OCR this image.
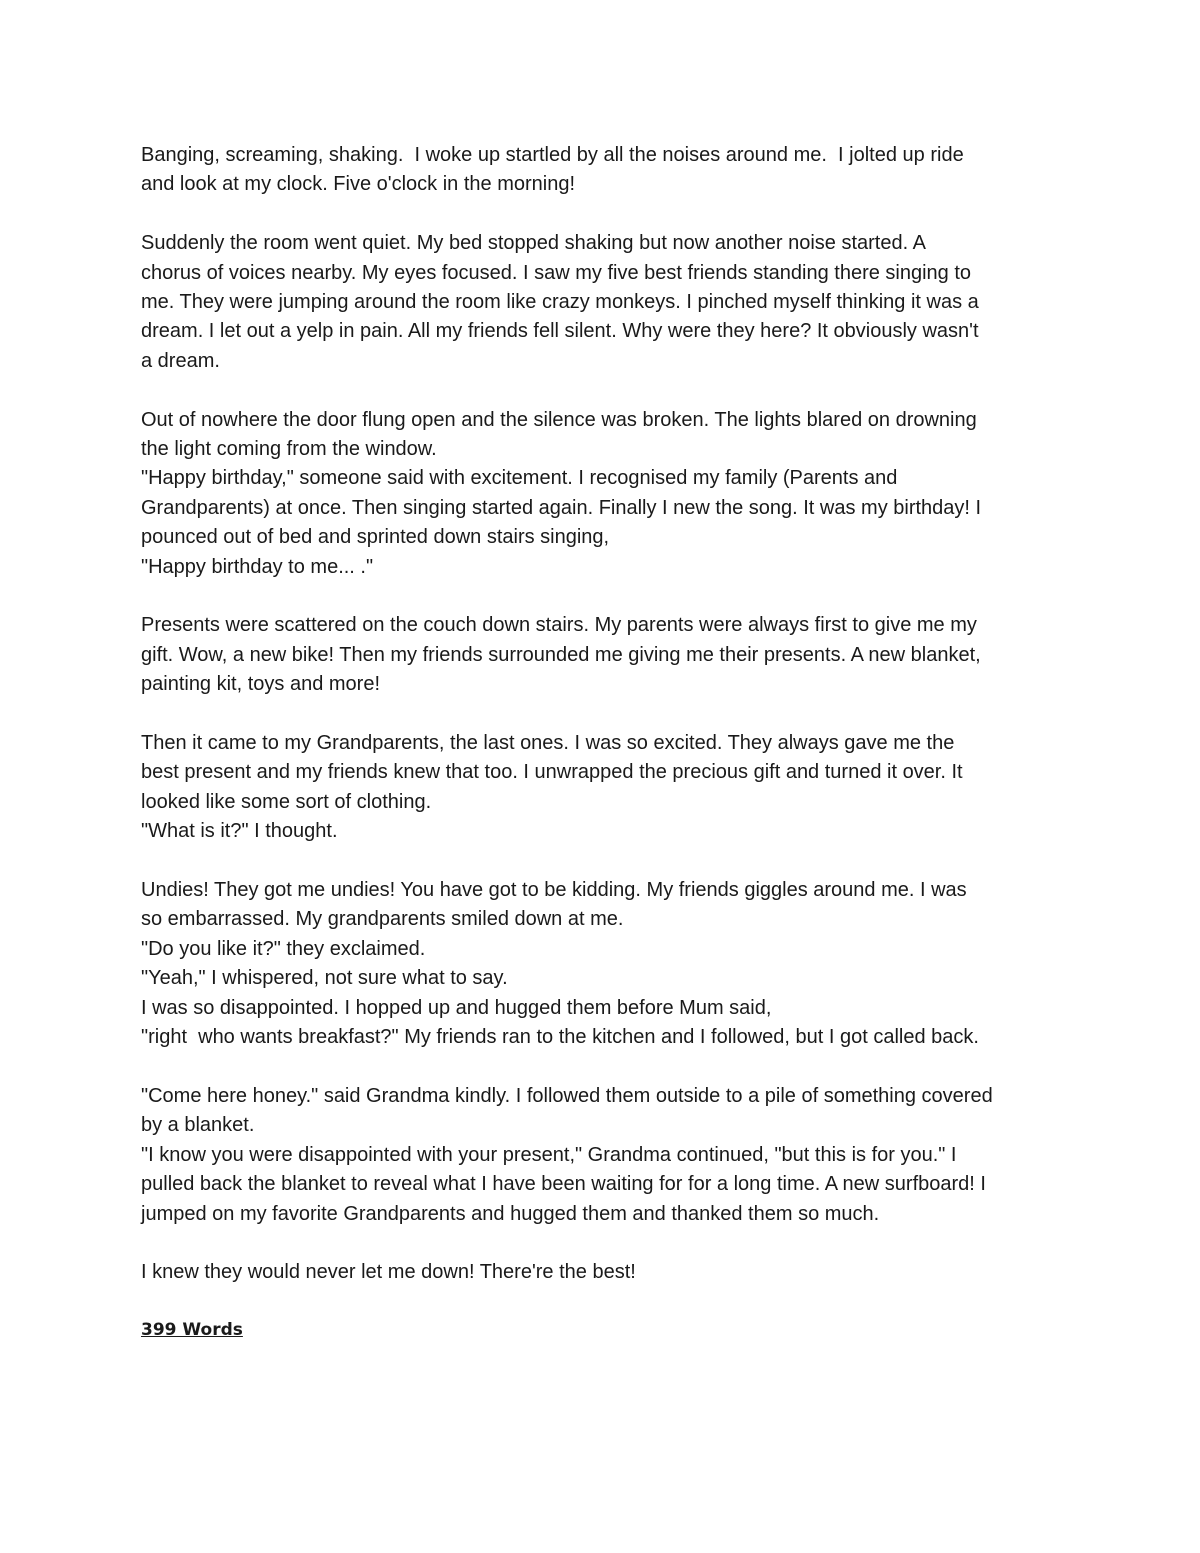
Banging, screaming, shaking.  I woke up startled by all the noises around me.  I jolted up ride
and look at my clock. Five o'clock in the morning!
Suddenly the room went quiet. My bed stopped shaking but now another noise started. A
chorus of voices nearby. My eyes focused. I saw my five best friends standing there singing to
me. They were jumping around the room like crazy monkeys. I pinched myself thinking it was a
dream. I let out a yelp in pain. All my friends fell silent. Why were they here? It obviously wasn't
a dream.
Out of nowhere the door flung open and the silence was broken. The lights blared on drowning
the light coming from the window.
"Happy birthday," someone said with excitement. I recognised my family (Parents and
Grandparents) at once. Then singing started again. Finally I new the song. It was my birthday! I
pounced out of bed and sprinted down stairs singing,
"Happy birthday to me... ."
Presents were scattered on the couch down stairs. My parents were always first to give me my
gift. Wow, a new bike! Then my friends surrounded me giving me their presents. A new blanket,
painting kit, toys and more!
Then it came to my Grandparents, the last ones. I was so excited. They always gave me the
best present and my friends knew that too. I unwrapped the precious gift and turned it over. It
looked like some sort of clothing.
"What is it?" I thought.
Undies! They got me undies! You have got to be kidding. My friends giggles around me. I was
so embarrassed. My grandparents smiled down at me.
"Do you like it?" they exclaimed.
"Yeah," I whispered, not sure what to say.
I was so disappointed. I hopped up and hugged them before Mum said,
"right  who wants breakfast?" My friends ran to the kitchen and I followed, but I got called back.
"Come here honey." said Grandma kindly. I followed them outside to a pile of something covered
by a blanket.
"I know you were disappointed with your present," Grandma continued, "but this is for you." I
pulled back the blanket to reveal what I have been waiting for for a long time. A new surfboard! I
jumped on my favorite Grandparents and hugged them and thanked them so much.
I knew they would never let me down! There're the best!
399 Words
